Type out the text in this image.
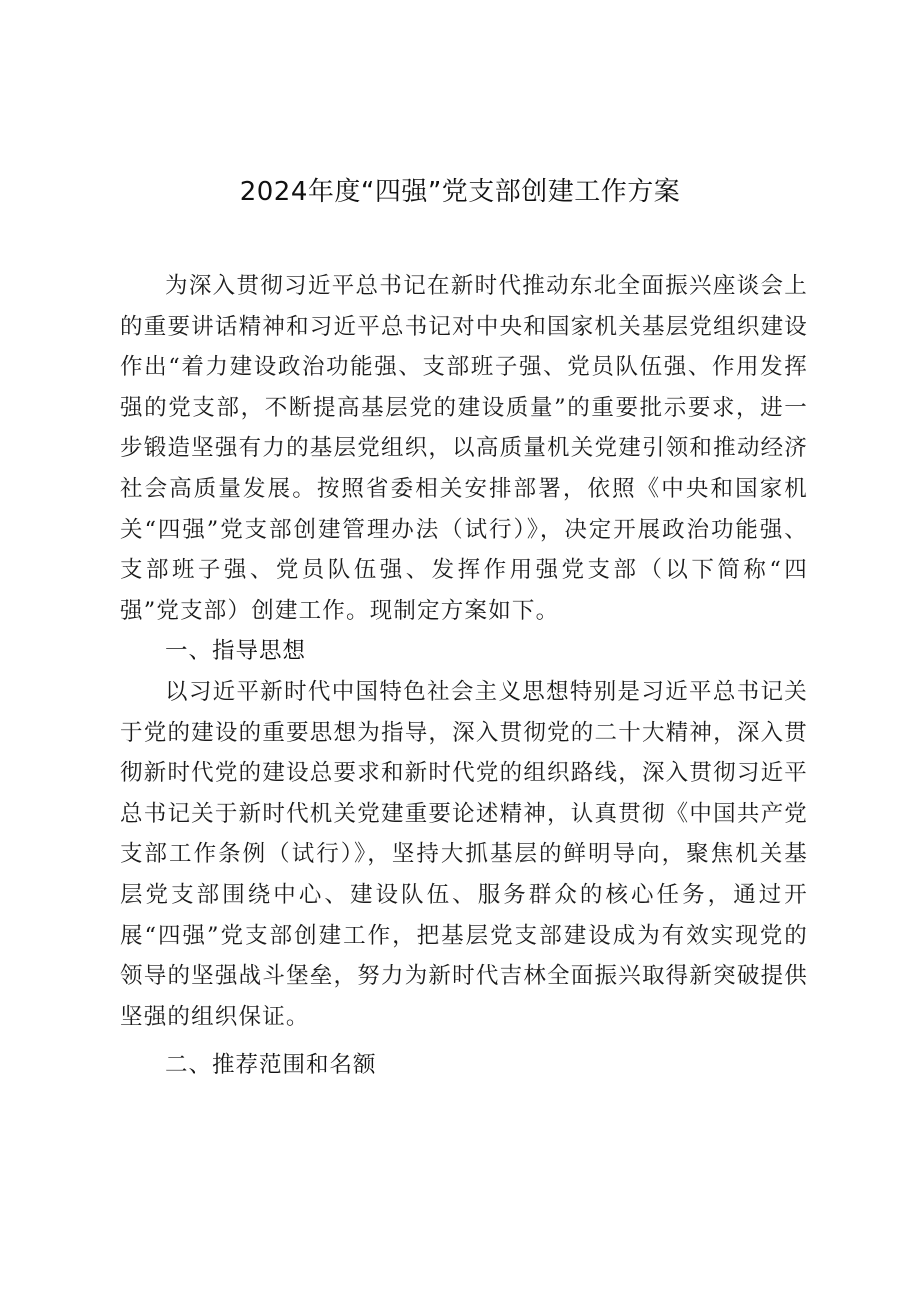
2024年度“四强”党支部创建工作方案

为深入贯彻习近平总书记在新时代推动东北全面振兴座谈会上的重要讲话精神和习近平总书记对中央和国家机关基层党组织建设作出“着力建设政治功能强、支部班子强、党员队伍强、作用发挥强的党支部，不断提高基层党的建设质量”的重要批示要求，进一步锻造坚强有力的基层党组织，以高质量机关党建引领和推动经济社会高质量发展。按照省委相关安排部署，依照《中央和国家机关“四强”党支部创建管理办法（试行）》，决定开展政治功能强、支部班子强、党员队伍强、发挥作用强党支部（以下简称“四强”党支部）创建工作。现制定方案如下。

一、指导思想

以习近平新时代中国特色社会主义思想特别是习近平总书记关于党的建设的重要思想为指导，深入贯彻党的二十大精神，深入贯彻新时代党的建设总要求和新时代党的组织路线，深入贯彻习近平总书记关于新时代机关党建重要论述精神，认真贯彻《中国共产党支部工作条例（试行）》，坚持大抓基层的鲜明导向，聚焦机关基层党支部围绕中心、建设队伍、服务群众的核心任务，通过开展“四强”党支部创建工作，把基层党支部建设成为有效实现党的领导的坚强战斗堡垒，努力为新时代吉林全面振兴取得新突破提供坚强的组织保证。

二、推荐范围和名额
